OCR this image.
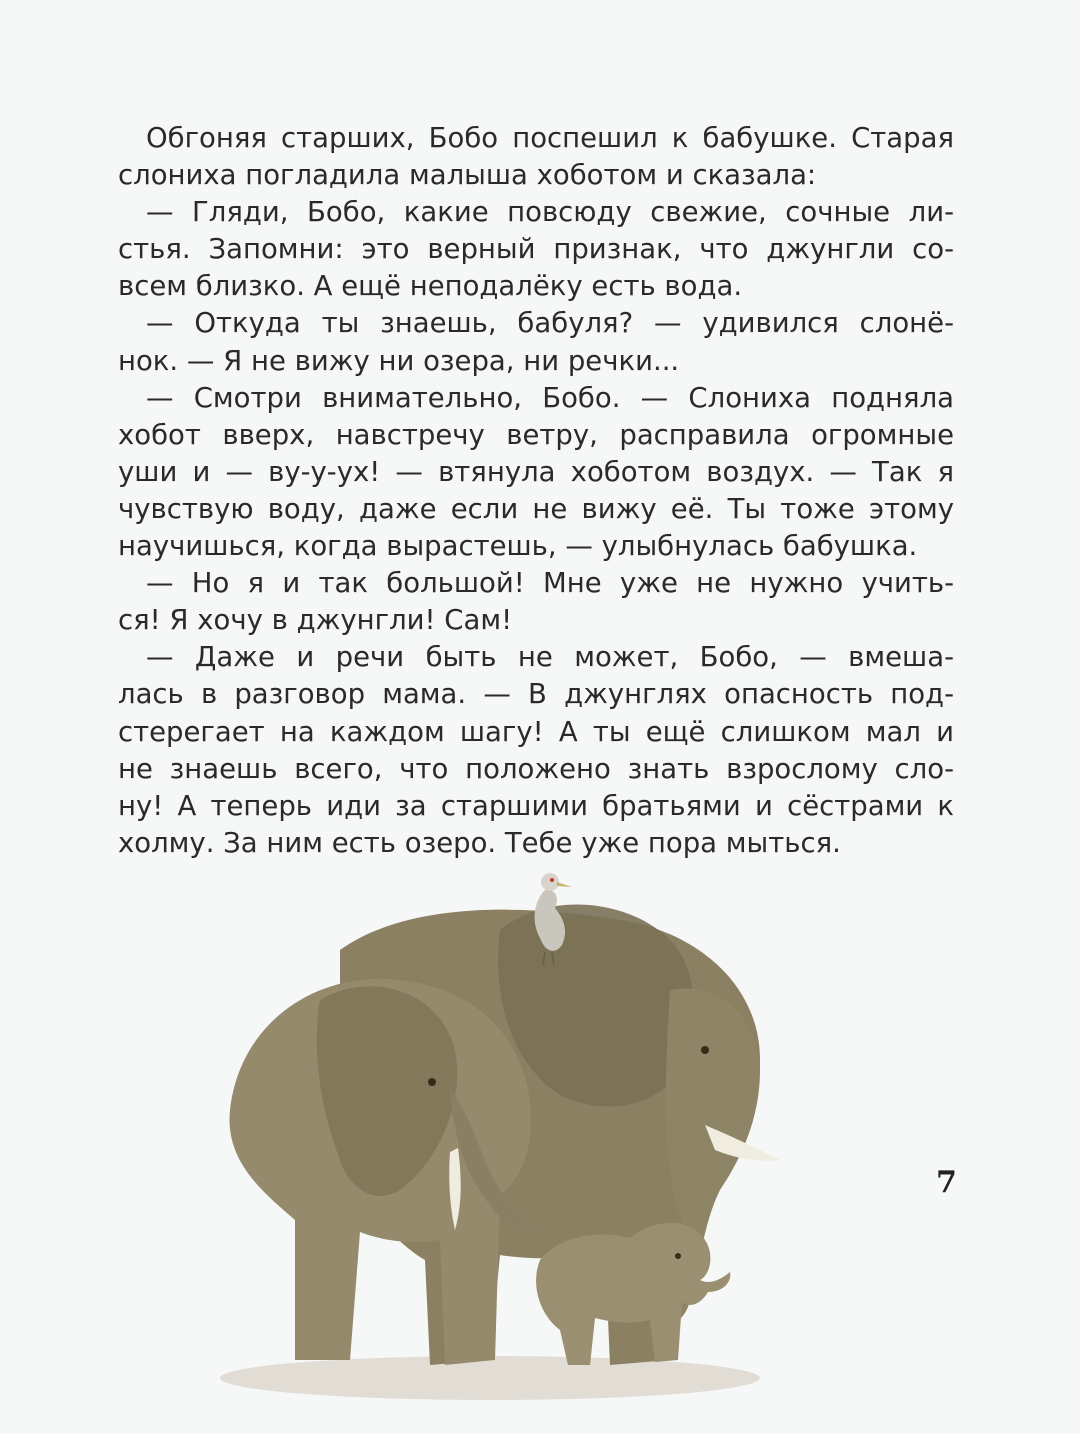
Обгоняя старших, Бобо поспешил к бабушке. Старая
слониха погладила малыша хоботом и сказала:
— Гляди, Бобо, какие повсюду свежие, сочные ли-
стья. Запомни: это верный признак, что джунгли со-
всем близко. А ещё неподалёку есть вода.
— Откуда ты знаешь, бабуля? — удивился слонё-
нок. — Я не вижу ни озера, ни речки...
— Смотри внимательно, Бобо. — Слониха подняла
хобот вверх, навстречу ветру, расправила огромные
уши и — ву-у-ух! — втянула хоботом воздух. — Так я
чувствую воду, даже если не вижу её. Ты тоже этому
научишься, когда вырастешь, — улыбнулась бабушка.
— Но я и так большой! Мне уже не нужно учить-
ся! Я хочу в джунгли! Сам!
— Даже и речи быть не может, Бобо, — вмеша-
лась в разговор мама. — В джунглях опасность под-
стерегает на каждом шагу! А ты ещё слишком мал и
не знаешь всего, что положено знать взрослому сло-
ну! А теперь иди за старшими братьями и сёстрами к
холму. За ним есть озеро. Тебе уже пора мыться.
7
